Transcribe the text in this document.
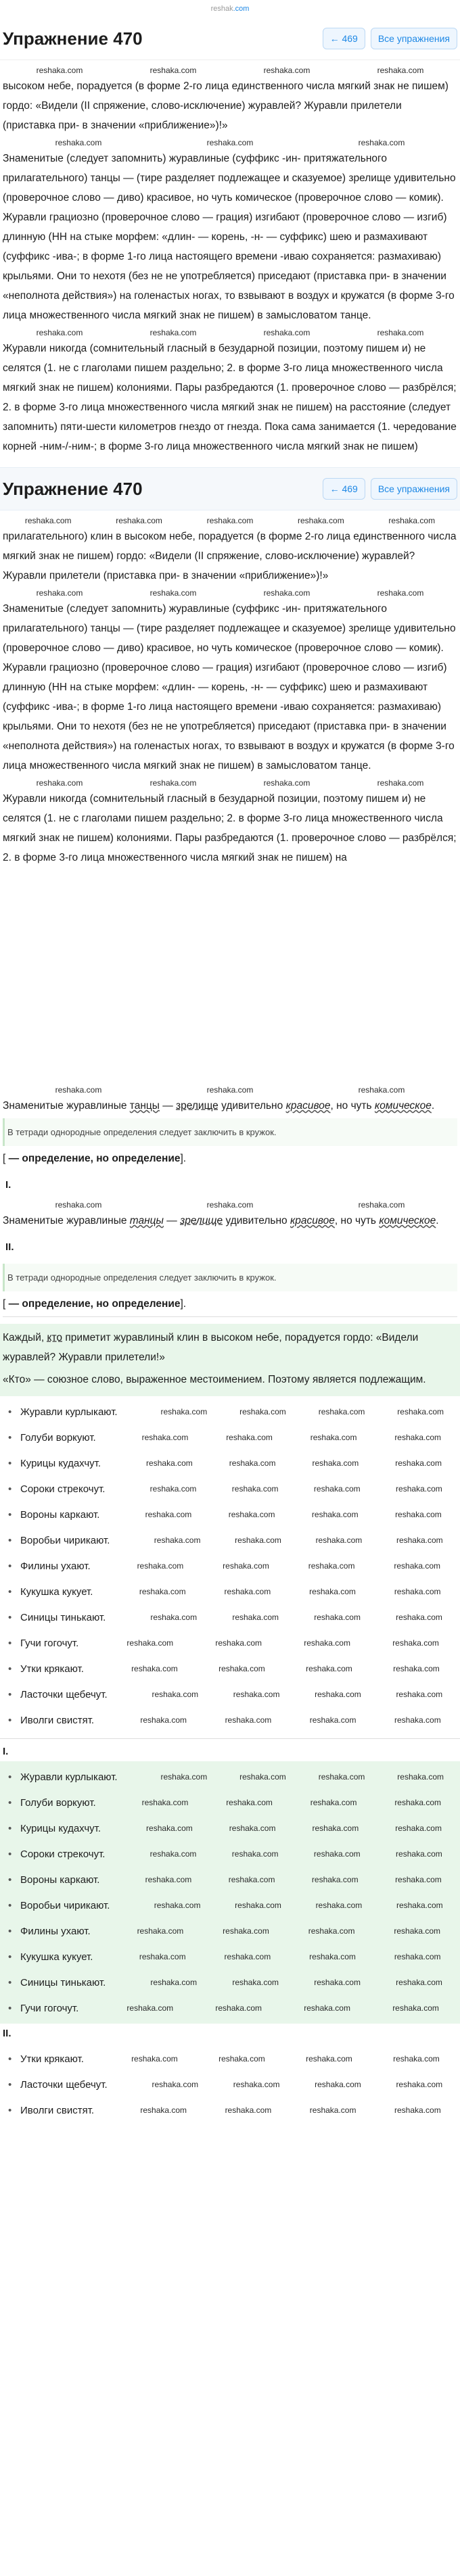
reshak.com
Упражнение 470	← 469	Все упражнения
reshaka.com	reshaka.com	reshaka.com	reshaka.com

высоком небе, порадуется (в форме 2-го лица единственного числа мягкий знак не пишем) гордо: «Видели (II спряжение, слово-исключение) журавлей? Журавли прилетели (приставка при- в значении «приближение»)!»

reshaka.com	reshaka.com	reshaka.com

Знаменитые (следует запомнить) журавлиные (суффикс -ин- притяжательного прилагательного) танцы — (тире разделяет подлежащее и сказуемое) зрелище удивительно (проверочное слово — диво) красивое, но чуть комическое (проверочное слово — комик). Журавли грациозно (проверочное слово — грация) изгибают (проверочное слово — изгиб) длинную (НН на стыке морфем: «длин- — корень, -н- — суффикс) шею и размахивают (суффикс -ива-; в форме 1-го лица настоящего времени -иваю сохраняется: размахиваю) крыльями. Они то нехотя (без не не употребляется) приседают (приставка при- в значении «неполнота действия») на голенастых ногах, то взвывают в воздух и кружатся (в форме 3-го лица множественного числа мягкий знак не пишем) в замысловатом танце.

reshaka.com	reshaka.com	reshaka.com	reshaka.com

Журавли никогда (сомнительный гласный в безударной позиции, поэтому пишем и) не селятся (1. не с глаголами пишем раздельно; 2. в форме 3-го лица множественного числа мягкий знак не пишем) колониями. Пары разбредаются (1. проверочное слово — разбрёлся; 2. в форме 3-го лица множественного числа мягкий знак не пишем) на расстояние (следует запомнить) пяти-шести километров гнездо от гнезда. Пока сама занимается (1. чередование корней -ним-/-ним-; в форме 3-го лица множественного числа мягкий знак не пишем)

Упражнение 470	← 469	Все упражнения
reshaka.com	reshaka.com	reshaka.com	reshaka.com	reshaka.com

прилагательного) клин в высоком небе, порадуется (в форме 2-го лица единственного числа мягкий знак не пишем) гордо: «Видели (II спряжение, слово-исключение) журавлей? Журавли прилетели (приставка при- в значении «приближение»)!»

reshaka.com	reshaka.com	reshaka.com	reshaka.com

Знаменитые (следует запомнить) журавлиные (суффикс -ин- притяжательного прилагательного) танцы — (тире разделяет подлежащее и сказуемое) зрелище удивительно (проверочное слово — диво) красивое, но чуть комическое (проверочное слово — комик). Журавли грациозно (проверочное слово — грация) изгибают (проверочное слово — изгиб) длинную (НН на стыке морфем: «длин- — корень, -н- — суффикс) шею и размахивают (суффикс -ива-; в форме 1-го лица настоящего времени -иваю сохраняется: размахиваю) крыльями. Они то нехотя (без не не употребляется) приседают (приставка при- в значении «неполнота действия») на голенастых ногах, то взвывают в воздух и кружатся (в форме 3-го лица множественного числа мягкий знак не пишем) в замысловатом танце.

reshaka.com	reshaka.com	reshaka.com	reshaka.com

Журавли никогда (сомнительный гласный в безударной позиции, поэтому пишем и) не селятся (1. не с глаголами пишем раздельно; 2. в форме 3-го лица множественного числа мягкий знак не пишем) колониями. Пары разбредаются (1. проверочное слово — разбрёлся; 2. в форме 3-го лица множественного числа мягкий знак не пишем) на

reshaka.com	reshaka.com	reshaka.com

Знаменитые журавлиные танцы — зрелище удивительно красивое, но чуть комическое.

В тетради однородные определения следует заключить в кружок.

[ — определение, но определение].

I.
reshaka.com	reshaka.com	reshaka.com

Знаменитые журавлиные танцы — зрелище удивительно красивое, но чуть комическое.

II.
В тетради однородные определения следует заключить в кружок.

[ — определение, но определение].

Каждый, кто приметит журавлиный клин в высоком небе, порадуется гордо: «Видели журавлей? Журавли прилетели!»

«Кто» — союзное слово, выраженное местоимением. Поэтому является подлежащим.

• Журавли курлыкают.	reshaka.com	reshaka.com	reshaka.com	reshaka.com
• Голуби воркуют.	reshaka.com	reshaka.com	reshaka.com	reshaka.com
• Курицы кудахчут.	reshaka.com	reshaka.com	reshaka.com	reshaka.com
• Сороки стрекочут.	reshaka.com	reshaka.com	reshaka.com	reshaka.com
• Вороны каркают.	reshaka.com	reshaka.com	reshaka.com	reshaka.com
• Воробьи чирикают.	reshaka.com	reshaka.com	reshaka.com	reshaka.com
• Филины ухают.	reshaka.com	reshaka.com	reshaka.com	reshaka.com
• Кукушка кукует.	reshaka.com	reshaka.com	reshaka.com	reshaka.com
• Синицы тинькают.	reshaka.com	reshaka.com	reshaka.com	reshaka.com
• Гучи гогочут.	reshaka.com	reshaka.com	reshaka.com	reshaka.com
• Утки крякают.	reshaka.com	reshaka.com	reshaka.com	reshaka.com
• Ласточки щебечут.	reshaka.com	reshaka.com	reshaka.com	reshaka.com
• Иволги свистят.	reshaka.com	reshaka.com	reshaka.com	reshaka.com
I.
• Журавли курлыкают.	reshaka.com	reshaka.com	reshaka.com	reshaka.com
• Голуби воркуют.	reshaka.com	reshaka.com	reshaka.com	reshaka.com
• Курицы кудахчут.	reshaka.com	reshaka.com	reshaka.com	reshaka.com
• Сороки стрекочут.	reshaka.com	reshaka.com	reshaka.com	reshaka.com
• Вороны каркают.	reshaka.com	reshaka.com	reshaka.com	reshaka.com
• Воробьи чирикают.	reshaka.com	reshaka.com	reshaka.com	reshaka.com
• Филины ухают.	reshaka.com	reshaka.com	reshaka.com	reshaka.com
• Кукушка кукует.	reshaka.com	reshaka.com	reshaka.com	reshaka.com
• Синицы тинькают.	reshaka.com	reshaka.com	reshaka.com	reshaka.com
• Гучи гогочут.	reshaka.com	reshaka.com	reshaka.com	reshaka.com
II.
• Утки крякают.	reshaka.com	reshaka.com	reshaka.com	reshaka.com
• Ласточки щебечут.	reshaka.com	reshaka.com	reshaka.com	reshaka.com
• Иволги свистят.	reshaka.com	reshaka.com	reshaka.com	reshaka.com
